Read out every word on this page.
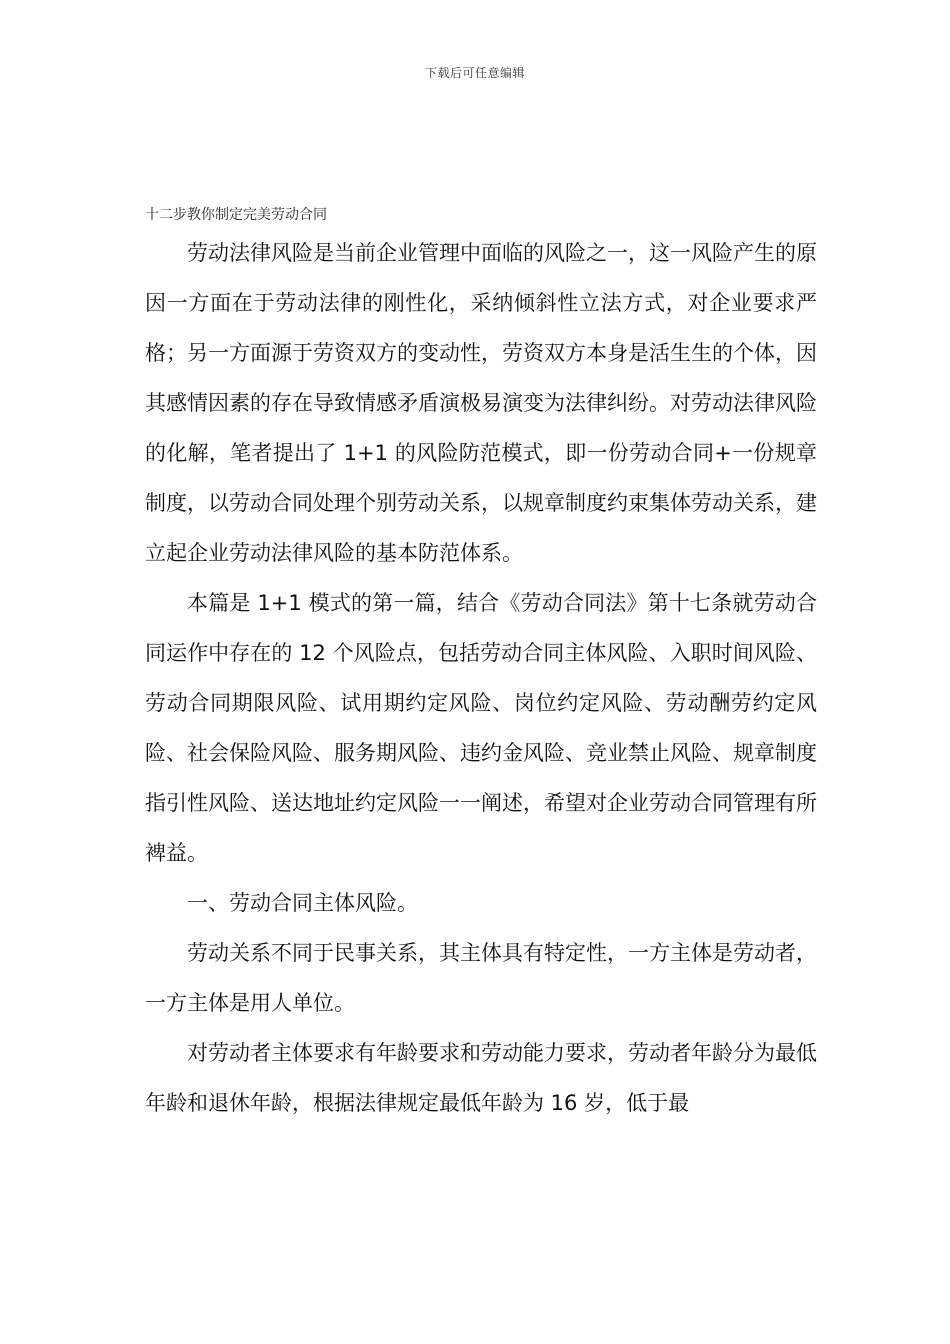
下载后可任意编辑
十二步教你制定完美劳动合同

劳动法律风险是当前企业管理中面临的风险之一，这一风险产生的原因一方面在于劳动法律的刚性化，采纳倾斜性立法方式，对企业要求严格；另一方面源于劳资双方的变动性，劳资双方本身是活生生的个体，因其感情因素的存在导致情感矛盾演极易演变为法律纠纷。对劳动法律风险的化解，笔者提出了 1+1 的风险防范模式，即一份劳动合同+一份规章制度，以劳动合同处理个别劳动关系，以规章制度约束集体劳动关系，建立起企业劳动法律风险的基本防范体系。

本篇是 1+1 模式的第一篇，结合《劳动合同法》第十七条就劳动合同运作中存在的 12 个风险点，包括劳动合同主体风险、入职时间风险、劳动合同期限风险、试用期约定风险、岗位约定风险、劳动酬劳约定风险、社会保险风险、服务期风险、违约金风险、竞业禁止风险、规章制度指引性风险、送达地址约定风险一一阐述，希望对企业劳动合同管理有所裨益。

一、劳动合同主体风险。

劳动关系不同于民事关系，其主体具有特定性，一方主体是劳动者，一方主体是用人单位。

对劳动者主体要求有年龄要求和劳动能力要求，劳动者年龄分为最低年龄和退休年龄，根据法律规定最低年龄为 16 岁，低于最
